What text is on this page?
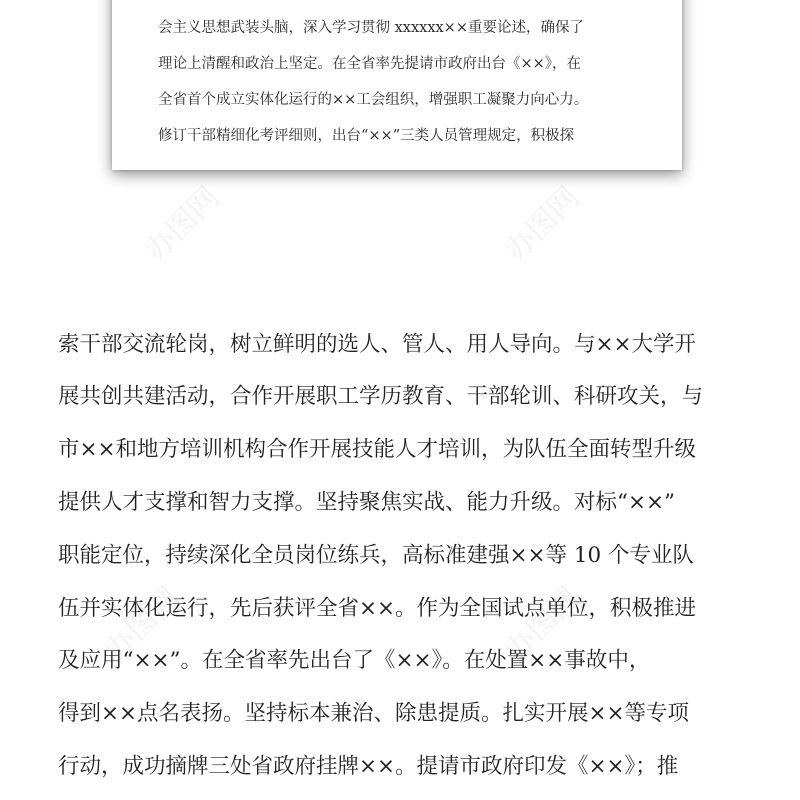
会主义思想武装头脑，深入学习贯彻 xxxxxx××重要论述，确保了
理论上清醒和政治上坚定。在全省率先提请市政府出台《××》，在
全省首个成立实体化运行的××工会组织，增强职工凝聚力向心力。
修订干部精细化考评细则，出台“××”三类人员管理规定，积极探
办图网	办图网
办图网	办图网
索干部交流轮岗，树立鲜明的选人、管人、用人导向。与××大学开
展共创共建活动，合作开展职工学历教育、干部轮训、科研攻关，与
市××和地方培训机构合作开展技能人才培训，为队伍全面转型升级
提供人才支撑和智力支撑。坚持聚焦实战、能力升级。对标“××”
职能定位，持续深化全员岗位练兵，高标准建强××等 10 个专业队
伍并实体化运行，先后获评全省××。作为全国试点单位，积极推进
及应用“××”。在全省率先出台了《××》。在处置××事故中，
得到××点名表扬。坚持标本兼治、除患提质。扎实开展××等专项
行动，成功摘牌三处省政府挂牌××。提请市政府印发《××》；推
